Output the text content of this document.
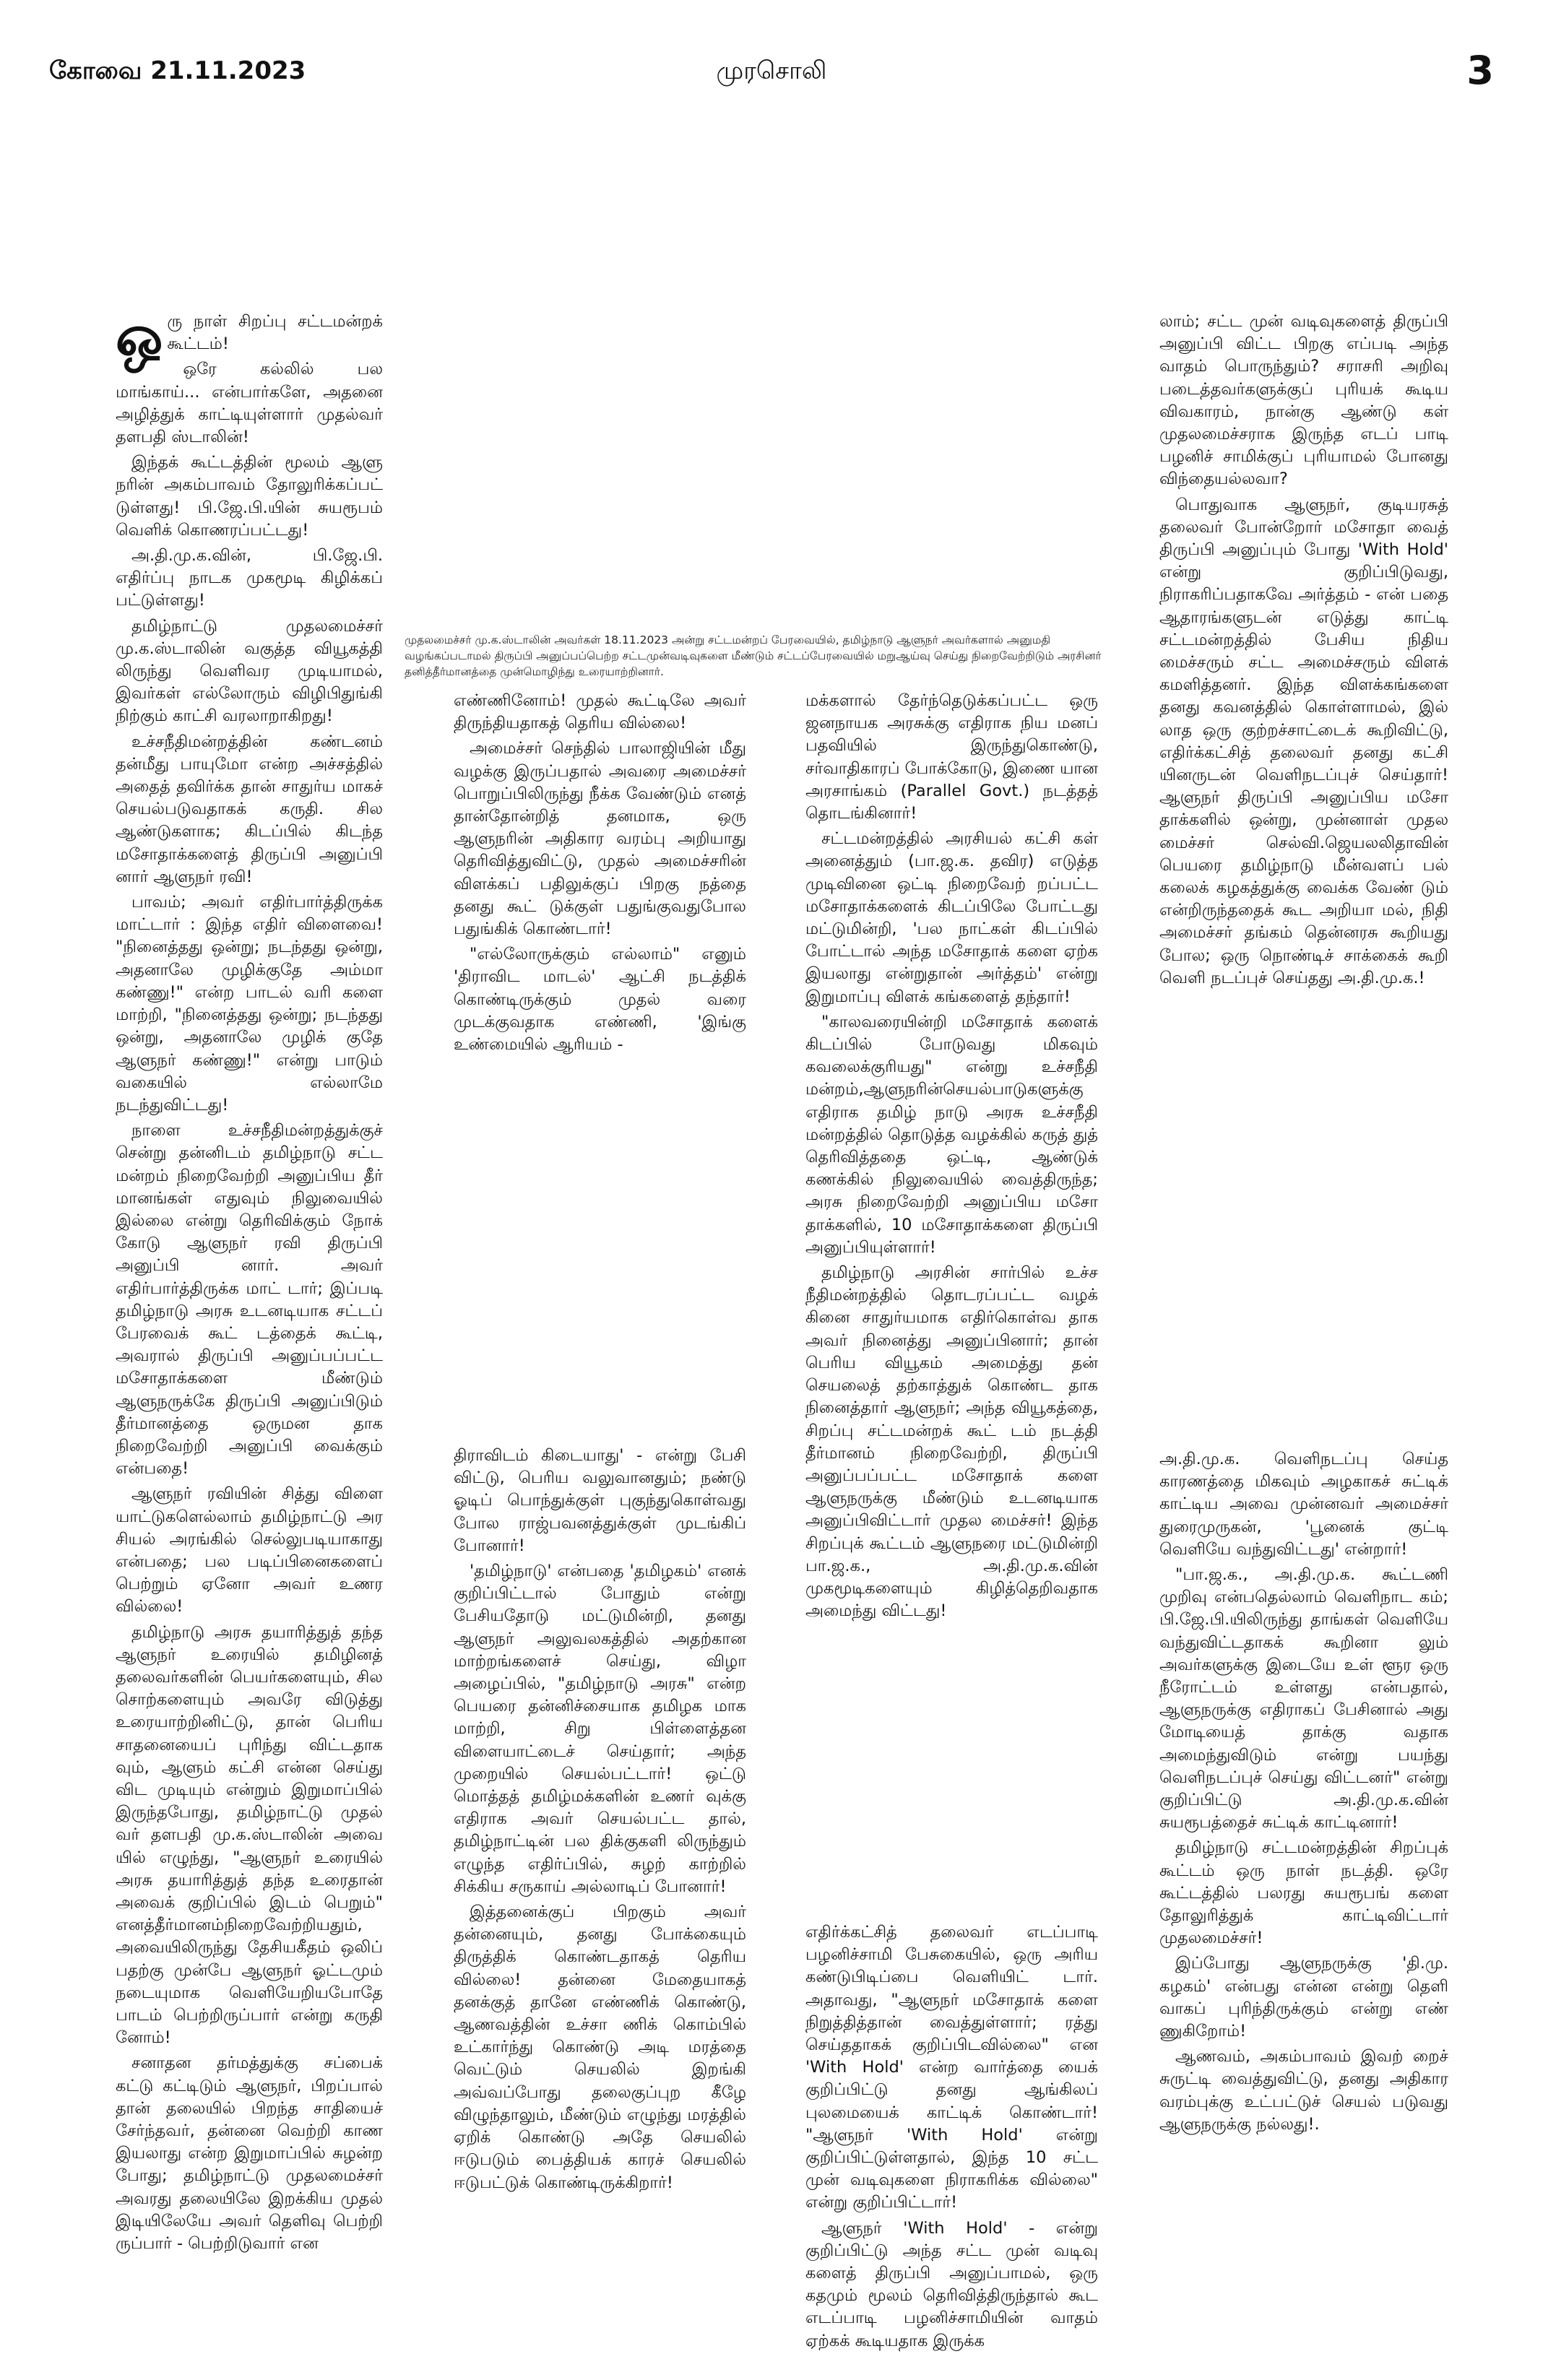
கோவை 21.11.2023	முரசொலி	3
முதலமைச்சர் மு.க.ஸ்டாலின் அவர்கள் 18.11.2023 அன்று சட்டமன்றப் பேரவையில், தமிழ்நாடு ஆளுநர் அவர்களால் அனுமதி வழங்கப்படாமல் திருப்பி அனுப்பப்பெற்ற சட்டமுன்வடிவுகளை மீண்டும் சட்டப்பேரவையில் மறுஆய்வு செய்து நிறைவேற்றிடும் அரசினர் தனித்தீர்மானத்தை முன்மொழிந்து உரையாற்றினார்.

ஒரு நாள் சிறப்பு சட்டமன்றக் கூட்டம்!

ஒரே கல்லில் பல மாங்காய்... என்பார்களே, அதனை அழித்துக் காட்டியுள்ளார் முதல்வர் தளபதி ஸ்டாலின்!

இந்தக் கூட்டத்தின் மூலம் ஆளு நரின் அகம்பாவம் தோலுரிக்கப்பட் டுள்ளது! பி.ஜே.பி.யின் சுயரூபம் வெளிக் கொணரப்பட்டது!

அ.தி.மு.க.வின், பி.ஜே.பி. எதிர்ப்பு நாடக முகமூடி கிழிக்கப் பட்டுள்ளது!

தமிழ்நாட்டு முதலமைச்சர் மு.க.ஸ்டாலின் வகுத்த வியூகத்தி லிருந்து வெளிவர முடியாமல், இவர்கள் எல்லோரும் விழிபிதுங்கி நிற்கும் காட்சி வரலாறாகிறது!

உச்சநீதிமன்றத்தின் கண்டனம் தன்மீது பாயுமோ என்ற அச்சத்தில் அதைத் தவிர்க்க தான் சாதுர்ய மாகச் செயல்படுவதாகக் கருதி. சில ஆண்டுகளாக; கிடப்பில் கிடந்த மசோதாக்களைத் திருப்பி அனுப்பி னார் ஆளுநர் ரவி!

பாவம்; அவர் எதிர்பார்த்திருக்க மாட்டார் : இந்த எதிர் விளைவை! "நினைத்தது ஒன்று; நடந்தது ஒன்று, அதனாலே முழிக்குதே அம்மா கண்ணு!" என்ற பாடல் வரி களை மாற்றி, "நினைத்தது ஒன்று; நடந்தது ஒன்று, அதனாலே முழிக் குதே ஆளுநர் கண்ணு!" என்று பாடும் வகையில் எல்லாமே நடந்துவிட்டது!

நாளை உச்சநீதிமன்றத்துக்குச் சென்று தன்னிடம் தமிழ்நாடு சட்ட மன்றம் நிறைவேற்றி அனுப்பிய தீர் மானங்கள் எதுவும் நிலுவையில் இல்லை என்று தெரிவிக்கும் நோக் கோடு ஆளுநர் ரவி திருப்பி அனுப்பி னார். அவர் எதிர்பார்த்திருக்க மாட் டார்; இப்படி தமிழ்நாடு அரசு உடனடியாக சட்டப் பேரவைக் கூட் டத்தைக் கூட்டி, அவரால் திருப்பி அனுப்பப்பட்ட மசோதாக்களை மீண்டும் ஆளுநருக்கே திருப்பி அனுப்பிடும் தீர்மானத்தை ஒருமன தாக நிறைவேற்றி அனுப்பி வைக்கும் என்பதை!

ஆளுநர் ரவியின் சித்து விளை யாட்டுகளெல்லாம் தமிழ்நாட்டு அர சியல் அரங்கில் செல்லுபடியாகாது என்பதை; பல படிப்பினைகளைப் பெற்றும் ஏனோ அவர் உணர வில்லை!

தமிழ்நாடு அரசு தயாரித்துத் தந்த ஆளுநர் உரையில் தமிழினத் தலைவர்களின் பெயர்களையும், சில சொற்களையும் அவரே விடுத்து உரையாற்றினிட்டு, தான் பெரிய சாதனையைப் புரிந்து விட்டதாக வும், ஆளும் கட்சி என்ன செய்து விட முடியும் என்றும் இறுமாப்பில் இருந்தபோது, தமிழ்நாட்டு முதல் வர் தளபதி மு.க.ஸ்டாலின் அவை யில் எழுந்து, "ஆளுநர் உரையில் அரசு தயாரித்துத் தந்த உரைதான் அவைக் குறிப்பில் இடம் பெறும்" எனத்தீர்மானம்நிறைவேற்றியதும், அவையிலிருந்து தேசியகீதம் ஒலிப் பதற்கு முன்பே ஆளுநர் ஓட்டமும் நடையுமாக வெளியேறியபோதே பாடம் பெற்றிருப்பார் என்று கருதி னோம்!

சனாதன தர்மத்துக்கு சப்பைக் கட்டு கட்டிடும் ஆளுநர், பிறப்பால் தான் தலையில் பிறந்த சாதியைச் சேர்ந்தவர், தன்னை வெற்றி காண இயலாது என்ற இறுமாப்பில் சுழன்ற போது; தமிழ்நாட்டு முதலமைச்சர் அவரது தலையிலே இறக்கிய முதல் இடியிலேயே அவர் தெளிவு பெற்றி ருப்பார் - பெற்றிடுவார் என

எண்ணினோம்! முதல் கூட்டிலே அவர் திருந்தியதாகத் தெரிய வில்லை!

அமைச்சர் செந்தில் பாலாஜியின் மீது வழக்கு இருப்பதால் அவரை அமைச்சர் பொறுப்பிலிருந்து நீக்க வேண்டும் எனத் தான்தோன்றித் தனமாக, ஒரு ஆளுநரின் அதிகார வரம்பு அறியாது தெரிவித்துவிட்டு, முதல் அமைச்சரின் விளக்கப் பதிலுக்குப் பிறகு நத்தை தனது கூட் டுக்குள் பதுங்குவதுபோல பதுங்கிக் கொண்டார்!

"எல்லோருக்கும் எல்லாம்" எனும் 'திராவிட மாடல்' ஆட்சி நடத்திக் கொண்டிருக்கும் முதல் வரை முடக்குவதாக எண்ணி, 'இங்கு உண்மையில் ஆரியம் -

திராவிடம் கிடையாது' - என்று பேசி விட்டு, பெரிய வலுவானதும்; நண்டு ஓடிப் பொந்துக்குள் புகுந்துகொள்வது போல ராஜ்பவனத்துக்குள் முடங்கிப் போனார்!

'தமிழ்நாடு' என்பதை 'தமிழகம்' எனக் குறிப்பிட்டால் போதும் என்று பேசியதோடு மட்டுமின்றி, தனது ஆளுநர் அலுவலகத்தில் அதற்கான மாற்றங்களைச் செய்து, விழா அழைப்பில், "தமிழ்நாடு அரசு" என்ற பெயரை தன்னிச்சையாக தமிழக மாக மாற்றி, சிறு பிள்ளைத்தன விளையாட்டைச் செய்தார்; அந்த முறையில் செயல்பட்டார்! ஒட்டு மொத்தத் தமிழ்மக்களின் உணர் வுக்கு எதிராக அவர் செயல்பட்ட தால், தமிழ்நாட்டின் பல திக்குகளி லிருந்தும் எழுந்த எதிர்ப்பில், சுழற் காற்றில் சிக்கிய சருகாய் அல்லாடிப் போனார்!

இத்தனைக்குப் பிறகும் அவர் தன்னையும், தனது போக்கையும் திருத்திக் கொண்டதாகத் தெரிய வில்லை! தன்னை மேதையாகத் தனக்குத் தானே எண்ணிக் கொண்டு, ஆணவத்தின் உச்சா ணிக் கொம்பில் உட்கார்ந்து கொண்டு அடி மரத்தை வெட்டும் செயலில் இறங்கி அவ்வப்போது தலைகுப்புற கீழே விழுந்தாலும், மீண்டும் எழுந்து மரத்தில் ஏறிக் கொண்டு அதே செயலில் ஈடுபடும் பைத்தியக் காரச் செயலில் ஈடுபட்டுக் கொண்டிருக்கிறார்!

மக்களால் தேர்ந்தெடுக்கப்பட்ட ஒரு ஜனநாயக அரசுக்கு எதிராக நிய மனப் பதவியில் இருந்துகொண்டு, சர்வாதிகாரப் போக்கோடு, இணை யான அரசாங்கம் (Parallel Govt.) நடத்தத் தொடங்கினார்!

சட்டமன்றத்தில் அரசியல் கட்சி கள் அனைத்தும் (பா.ஜ.க. தவிர) எடுத்த முடிவினை ஒட்டி நிறைவேற் றப்பட்ட மசோதாக்களைக் கிடப்பிலே போட்டது மட்டுமின்றி, 'பல நாட்கள் கிடப்பில் போட்டால் அந்த மசோதாக் களை ஏற்க இயலாது என்றுதான் அர்த்தம்' என்று இறுமாப்பு விளக் கங்களைத் தந்தார்!

"காலவரையின்றி மசோதாக் களைக் கிடப்பில் போடுவது மிகவும் கவலைக்குரியது" என்று உச்சநீதி மன்றம்,ஆளுநரின்செயல்பாடுகளுக்கு எதிராக தமிழ் நாடு அரசு உச்சநீதி மன்றத்தில் தொடுத்த வழக்கில் கருத் துத் தெரிவித்ததை ஒட்டி, ஆண்டுக் கணக்கில் நிலுவையில் வைத்திருந்த; அரசு நிறைவேற்றி அனுப்பிய மசோ தாக்களில், 10 மசோதாக்களை திருப்பி அனுப்பியுள்ளார்!

தமிழ்நாடு அரசின் சார்பில் உச்ச நீதிமன்றத்தில் தொடரப்பட்ட வழக் கினை சாதுர்யமாக எதிர்கொள்வ தாக அவர் நினைத்து அனுப்பினார்; தான் பெரிய வியூகம் அமைத்து தன் செயலைத் தற்காத்துக் கொண்ட தாக நினைத்தார் ஆளுநர்; அந்த வியூகத்தை, சிறப்பு சட்டமன்றக் கூட் டம் நடத்தி தீர்மானம் நிறைவேற்றி, திருப்பி அனுப்பப்பட்ட மசோதாக் களை ஆளுநருக்கு மீண்டும் உடனடியாக அனுப்பிவிட்டார் முதல மைச்சர்! இந்த சிறப்புக் கூட்டம் ஆளுநரை மட்டுமின்றி பா.ஜ.க., அ.தி.மு.க.வின் முகமூடிகளையும் கிழித்தெறிவதாக அமைந்து விட்டது!

எதிர்க்கட்சித் தலைவர் எடப்பாடி பழனிச்சாமி பேசுகையில், ஒரு அரிய கண்டுபிடிப்பை வெளியிட் டார். அதாவது, "ஆளுநர் மசோதாக் களை நிறுத்தித்தான் வைத்துள்ளார்; ரத்து செய்ததாகக் குறிப்பிடவில்லை" என 'With Hold' என்ற வார்த்தை யைக் குறிப்பிட்டு தனது ஆங்கிலப் புலமையைக் காட்டிக் கொண்டார்! "ஆளுநர் 'With Hold' என்று குறிப்பிட்டுள்ளதால், இந்த 10 சட்ட முன் வடிவுகளை நிராகரிக்க வில்லை" என்று குறிப்பிட்டார்!

ஆளுநர் 'With Hold' - என்று குறிப்பிட்டு அந்த சட்ட முன் வடிவு களைத் திருப்பி அனுப்பாமல், ஒரு கதமும் மூலம் தெரிவித்திருந்தால் கூட எடப்பாடி பழனிச்சாமியின் வாதம் ஏற்கக் கூடியதாக இருக்க

லாம்; சட்ட முன் வடிவுகளைத் திருப்பி அனுப்பி விட்ட பிறகு எப்படி அந்த வாதம் பொருந்தும்? சராசரி அறிவு படைத்தவர்களுக்குப் புரியக் கூடிய விவகாரம், நான்கு ஆண்டு கள் முதலமைச்சராக இருந்த எடப் பாடி பழனிச் சாமிக்குப் புரியாமல் போனது விந்தையல்லவா?

பொதுவாக ஆளுநர், குடியரசுத் தலைவர் போன்றோர் மசோதா வைத் திருப்பி அனுப்பும் போது 'With Hold' என்று குறிப்பிடுவது, நிராகரிப்பதாகவே அர்த்தம் - என் பதை ஆதாரங்களுடன் எடுத்து காட்டி சட்டமன்றத்தில் பேசிய நிதிய மைச்சரும் சட்ட அமைச்சரும் விளக் கமளித்தனர். இந்த விளக்கங்களை தனது கவனத்தில் கொள்ளாமல், இல் லாத ஒரு குற்றச்சாட்டைக் கூறிவிட்டு, எதிர்க்கட்சித் தலைவர் தனது கட்சி யினருடன் வெளிநடப்புச் செய்தார்! ஆளுநர் திருப்பி அனுப்பிய மசோ தாக்களில் ஒன்று, முன்னாள் முதல மைச்சர் செல்வி.ஜெயலலிதாவின் பெயரை தமிழ்நாடு மீன்வளப் பல் கலைக் கழகத்துக்கு வைக்க வேண் டும் என்றிருந்ததைக் கூட அறியா மல், நிதி அமைச்சர் தங்கம் தென்னரசு கூறியது போல; ஒரு நொண்டிச் சாக்கைக் கூறி வெளி நடப்புச் செய்தது அ.தி.மு.க.!

அ.தி.மு.க. வெளிநடப்பு செய்த காரணத்தை மிகவும் அழகாகச் சுட்டிக் காட்டிய அவை முன்னவர் அமைச்சர் துரைமுருகன், 'பூனைக் குட்டி வெளியே வந்துவிட்டது' என்றார்!

"பா.ஜ.க., அ.தி.மு.க. கூட்டணி முறிவு என்பதெல்லாம் வெளிநாட கம்; பி.ஜே.பி.யிலிருந்து தாங்கள் வெளியே வந்துவிட்டதாகக் கூறினா லும் அவர்களுக்கு இடையே உள் ளூர ஒரு நீரோட்டம் உள்ளது என்பதால், ஆளுநருக்கு எதிராகப் பேசினால் அது மோடியைத் தாக்கு வதாக அமைந்துவிடும் என்று பயந்து வெளிநடப்புச் செய்து விட்டனர்" என்று குறிப்பிட்டு அ.தி.மு.க.வின் சுயரூபத்தைச் சுட்டிக் காட்டினார்!

தமிழ்நாடு சட்டமன்றத்தின் சிறப்புக் கூட்டம் ஒரு நாள் நடத்தி. ஒரே கூட்டத்தில் பலரது சுயரூபங் களை தோலுரித்துக் காட்டிவிட்டார் முதலமைச்சர்!

இப்போது ஆளுநருக்கு 'தி.மு. கழகம்' என்பது என்ன என்று தெளி வாகப் புரிந்திருக்கும் என்று எண் ணுகிறோம்!

ஆணவம், அகம்பாவம் இவற் றைச் சுருட்டி வைத்துவிட்டு, தனது அதிகார வரம்புக்கு உட்பட்டுச் செயல் படுவது ஆளுநருக்கு நல்லது!.
